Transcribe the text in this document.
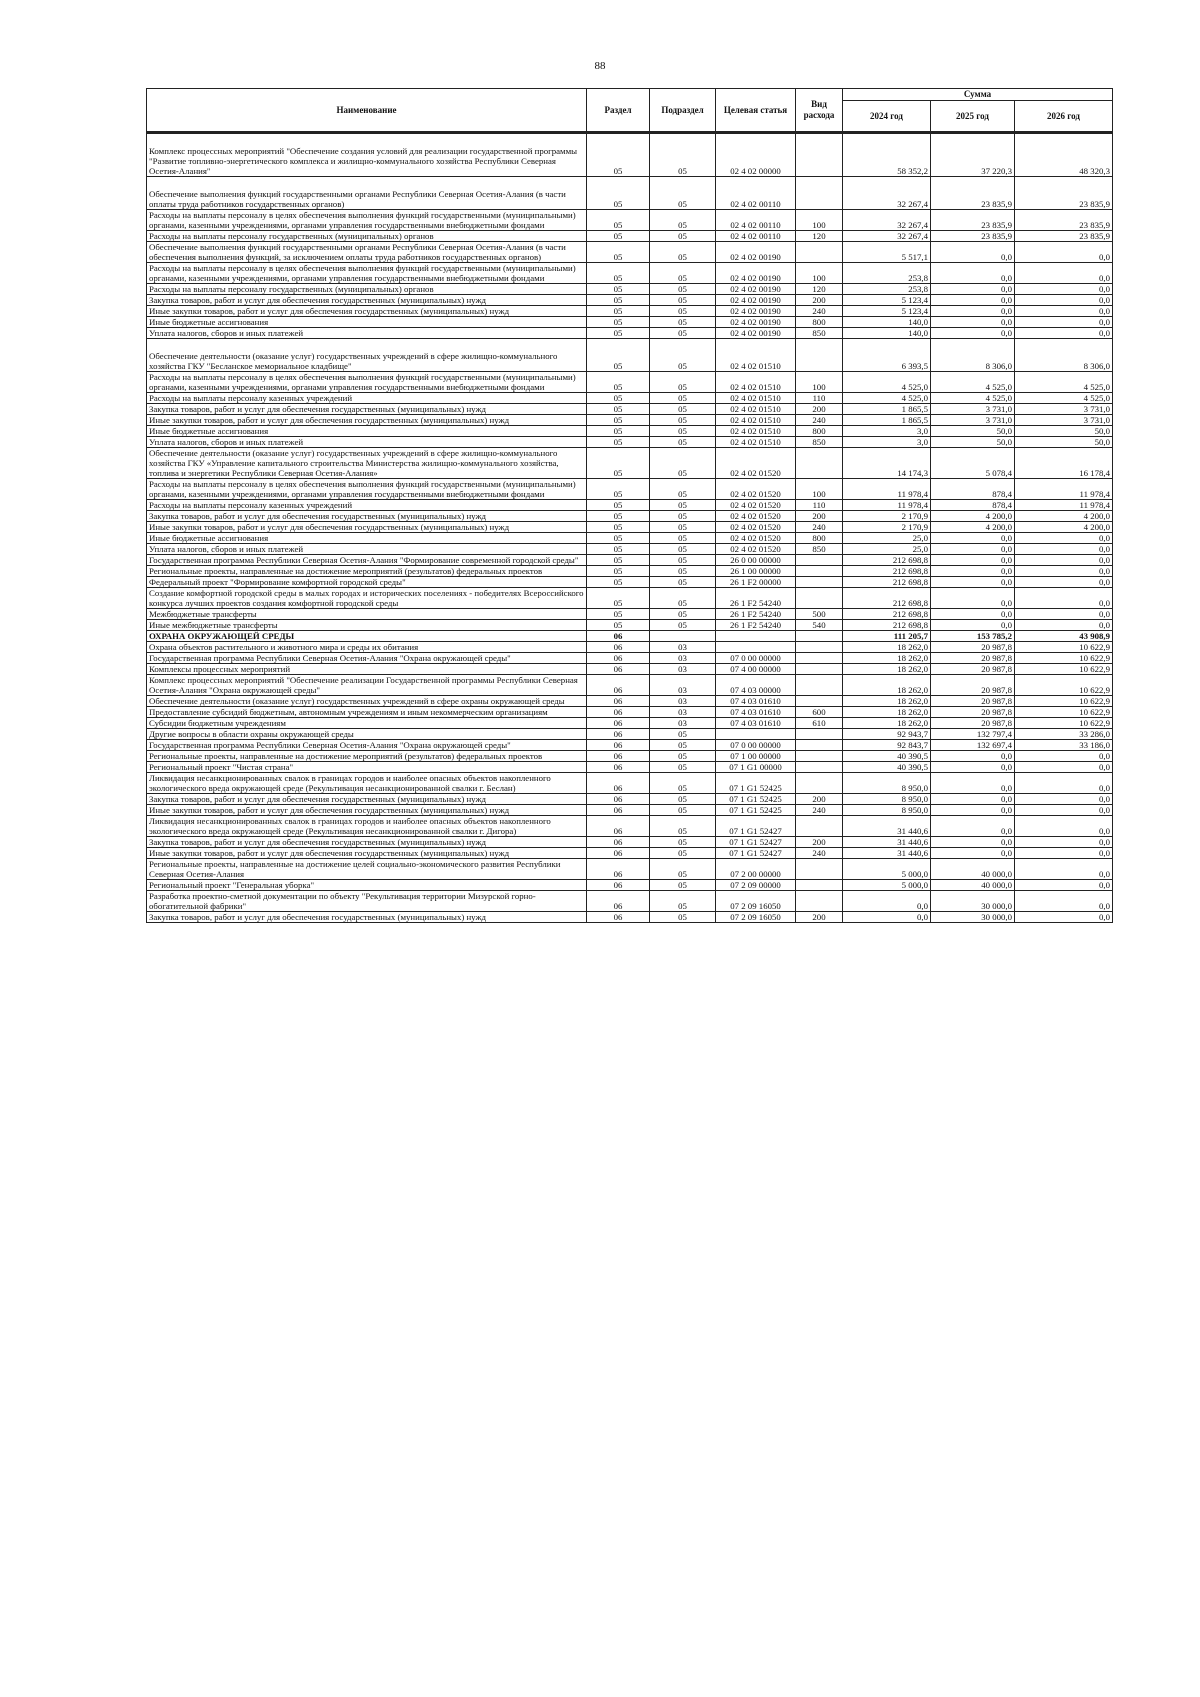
88
Наименование	Раздел	Подраздел	Целевая статья	Вид расхода	Сумма		
					2024 год	2025 год	2026 год
Комплекс процессных мероприятий "Обеспечение создания условий для реализации государственной программы "Развитие топливно-энергетического комплекса и жилищно-коммунального хозяйства Республики Северная Осетия-Алания"	05	05	02 4 02 00000		58 352,2	37 220,3	48 320,3
Обеспечение выполнения функций государственными органами Республики Северная Осетия-Алания (в части оплаты труда работников государственных органов)	05	05	02 4 02 00110		32 267,4	23 835,9	23 835,9
Расходы на выплаты персоналу в целях обеспечения выполнения функций государственными (муниципальными) органами, казенными учреждениями, органами управления государственными внебюджетными фондами	05	05	02 4 02 00110	100	32 267,4	23 835,9	23 835,9
Расходы на выплаты персоналу государственных (муниципальных) органов	05	05	02 4 02 00110	120	32 267,4	23 835,9	23 835,9
Обеспечение выполнения функций государственными органами Республики Северная Осетия-Алания (в части обеспечения выполнения функций, за исключением оплаты труда работников государственных органов)	05	05	02 4 02 00190		5 517,1	0,0	0,0
Расходы на выплаты персоналу в целях обеспечения выполнения функций государственными (муниципальными) органами, казенными учреждениями, органами управления государственными внебюджетными фондами	05	05	02 4 02 00190	100	253,8	0,0	0,0
Расходы на выплаты персоналу государственных (муниципальных) органов	05	05	02 4 02 00190	120	253,8	0,0	0,0
Закупка товаров, работ и услуг для обеспечения государственных (муниципальных) нужд	05	05	02 4 02 00190	200	5 123,4	0,0	0,0
Иные закупки товаров, работ и услуг для обеспечения государственных (муниципальных) нужд	05	05	02 4 02 00190	240	5 123,4	0,0	0,0
Иные бюджетные ассигнования	05	05	02 4 02 00190	800	140,0	0,0	0,0
Уплата налогов, сборов и иных платежей	05	05	02 4 02 00190	850	140,0	0,0	0,0
Обеспечение деятельности (оказание услуг) государственных учреждений в сфере жилищно-коммунального хозяйства ГКУ "Бесланское мемориальное кладбище"	05	05	02 4 02 01510		6 393,5	8 306,0	8 306,0
Расходы на выплаты персоналу в целях обеспечения выполнения функций государственными (муниципальными) органами, казенными учреждениями, органами управления государственными внебюджетными фондами	05	05	02 4 02 01510	100	4 525,0	4 525,0	4 525,0
Расходы на выплаты персоналу казенных учреждений	05	05	02 4 02 01510	110	4 525,0	4 525,0	4 525,0
Закупка товаров, работ и услуг для обеспечения государственных (муниципальных) нужд	05	05	02 4 02 01510	200	1 865,5	3 731,0	3 731,0
Иные закупки товаров, работ и услуг для обеспечения государственных (муниципальных) нужд	05	05	02 4 02 01510	240	1 865,5	3 731,0	3 731,0
Иные бюджетные ассигнования	05	05	02 4 02 01510	800	3,0	50,0	50,0
Уплата налогов, сборов и иных платежей	05	05	02 4 02 01510	850	3,0	50,0	50,0
Обеспечение деятельности (оказание услуг) государственных учреждений в сфере жилищно-коммунального хозяйства ГКУ «Управление капитального строительства Министерства жилищно-коммунального хозяйства, топлива и энергетики Республики Северная Осетия-Алания»	05	05	02 4 02 01520		14 174,3	5 078,4	16 178,4
Расходы на выплаты персоналу в целях обеспечения выполнения функций государственными (муниципальными) органами, казенными учреждениями, органами управления государственными внебюджетными фондами	05	05	02 4 02 01520	100	11 978,4	878,4	11 978,4
Расходы на выплаты персоналу казенных учреждений	05	05	02 4 02 01520	110	11 978,4	878,4	11 978,4
Закупка товаров, работ и услуг для обеспечения государственных (муниципальных) нужд	05	05	02 4 02 01520	200	2 170,9	4 200,0	4 200,0
Иные закупки товаров, работ и услуг для обеспечения государственных (муниципальных) нужд	05	05	02 4 02 01520	240	2 170,9	4 200,0	4 200,0
Иные бюджетные ассигнования	05	05	02 4 02 01520	800	25,0	0,0	0,0
Уплата налогов, сборов и иных платежей	05	05	02 4 02 01520	850	25,0	0,0	0,0
Государственная программа Республики Северная Осетия-Алания "Формирование современной городской среды"	05	05	26 0 00 00000		212 698,8	0,0	0,0
Региональные проекты, направленные на достижение мероприятий (результатов) федеральных проектов	05	05	26 1 00 00000		212 698,8	0,0	0,0
Федеральный проект "Формирование комфортной городской среды"	05	05	26 1 F2 00000		212 698,8	0,0	0,0
Создание комфортной городской среды в малых городах и исторических поселениях - победителях Всероссийского конкурса лучших проектов создания комфортной городской среды	05	05	26 1 F2 54240		212 698,8	0,0	0,0
Межбюджетные трансферты	05	05	26 1 F2 54240	500	212 698,8	0,0	0,0
Иные межбюджетные трансферты	05	05	26 1 F2 54240	540	212 698,8	0,0	0,0
ОХРАНА ОКРУЖАЮЩЕЙ СРЕДЫ	06				111 205,7	153 785,2	43 908,9
Охрана объектов растительного и животного мира и среды их обитания	06	03			18 262,0	20 987,8	10 622,9
Государственная программа Республики Северная Осетия-Алания "Охрана окружающей среды"	06	03	07 0 00 00000		18 262,0	20 987,8	10 622,9
Комплексы процессных мероприятий	06	03	07 4 00 00000		18 262,0	20 987,8	10 622,9
Комплекс процессных мероприятий "Обеспечение реализации Государственной программы Республики Северная Осетия-Алания "Охрана окружающей среды"	06	03	07 4 03 00000		18 262,0	20 987,8	10 622,9
Обеспечение деятельности (оказание услуг) государственных учреждений в сфере охраны окружающей среды	06	03	07 4 03 01610		18 262,0	20 987,8	10 622,9
Предоставление субсидий бюджетным, автономным учреждениям и иным некоммерческим организациям	06	03	07 4 03 01610	600	18 262,0	20 987,8	10 622,9
Субсидии бюджетным учреждениям	06	03	07 4 03 01610	610	18 262,0	20 987,8	10 622,9
Другие вопросы в области охраны окружающей среды	06	05			92 943,7	132 797,4	33 286,0
Государственная программа Республики Северная Осетия-Алания "Охрана окружающей среды"	06	05	07 0 00 00000		92 843,7	132 697,4	33 186,0
Региональные проекты, направленные на достижение мероприятий (результатов) федеральных проектов	06	05	07 1 00 00000		40 390,5	0,0	0,0
Региональный проект "Чистая страна"	06	05	07 1 G1 00000		40 390,5	0,0	0,0
Ликвидация несанкционированных свалок в границах городов и наиболее опасных объектов накопленного экологического вреда окружающей среде (Рекультивация несанкционированной свалки г. Беслан)	06	05	07 1 G1 52425		8 950,0	0,0	0,0
Закупка товаров, работ и услуг для обеспечения государственных (муниципальных) нужд	06	05	07 1 G1 52425	200	8 950,0	0,0	0,0
Иные закупки товаров, работ и услуг для обеспечения государственных (муниципальных) нужд	06	05	07 1 G1 52425	240	8 950,0	0,0	0,0
Ликвидация несанкционированных свалок в границах городов и наиболее опасных объектов накопленного экологического вреда окружающей среде (Рекультивация несанкционированной свалки г. Дигора)	06	05	07 1 G1 52427		31 440,6	0,0	0,0
Закупка товаров, работ и услуг для обеспечения государственных (муниципальных) нужд	06	05	07 1 G1 52427	200	31 440,6	0,0	0,0
Иные закупки товаров, работ и услуг для обеспечения государственных (муниципальных) нужд	06	05	07 1 G1 52427	240	31 440,6	0,0	0,0
Региональные проекты, направленные на достижение целей социально-экономического развития Республики Северная Осетия-Алания	06	05	07 2 00 00000		5 000,0	40 000,0	0,0
Региональный проект "Генеральная уборка"	06	05	07 2 09 00000		5 000,0	40 000,0	0,0
Разработка проектно-сметной документации по объекту "Рекультивация территории Мизурской горно-обогатительной фабрики"	06	05	07 2 09 16050		0,0	30 000,0	0,0
Закупка товаров, работ и услуг для обеспечения государственных (муниципальных) нужд	06	05	07 2 09 16050	200	0,0	30 000,0	0,0
